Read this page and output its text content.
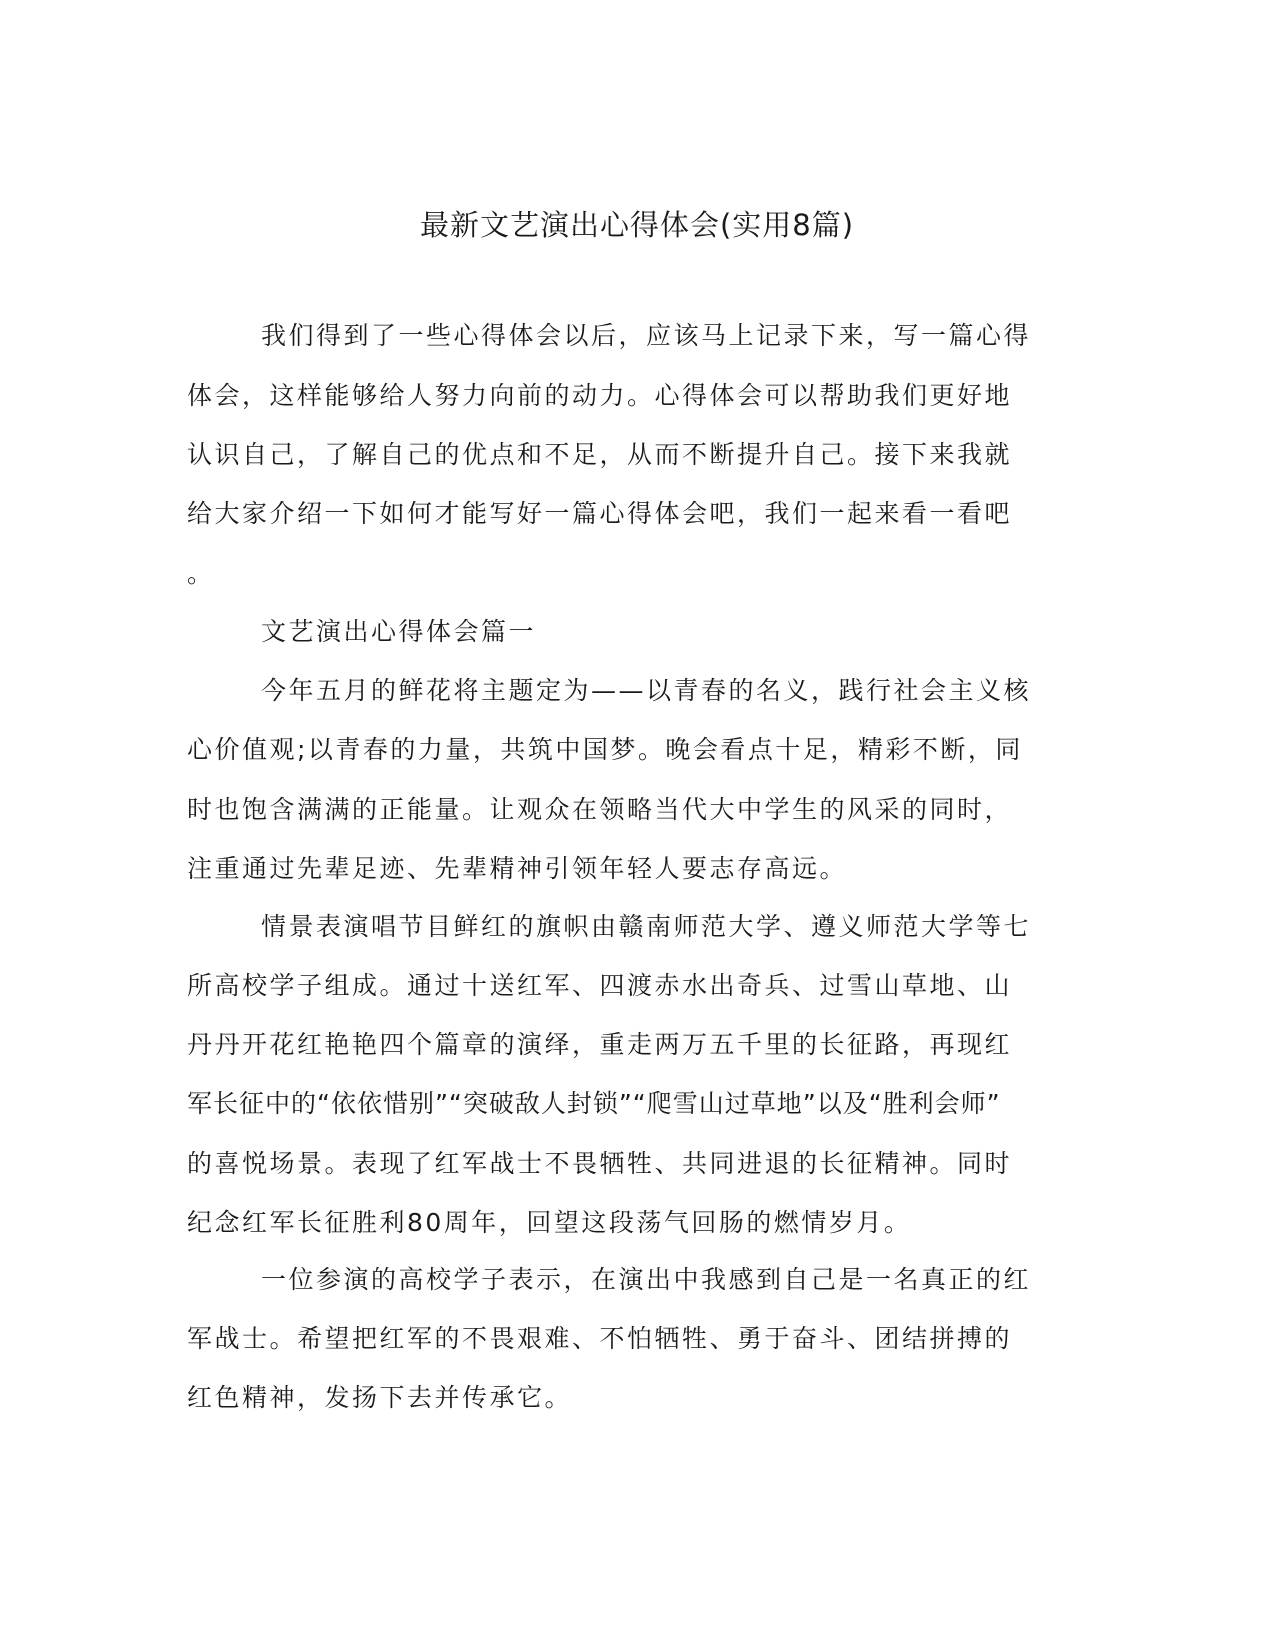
最新文艺演出心得体会(实用8篇)
我们得到了一些心得体会以后，应该马上记录下来，写一篇心得
体会，这样能够给人努力向前的动力。心得体会可以帮助我们更好地
认识自己，了解自己的优点和不足，从而不断提升自己。接下来我就
给大家介绍一下如何才能写好一篇心得体会吧，我们一起来看一看吧
。
文艺演出心得体会篇一
今年五月的鲜花将主题定为——以青春的名义，践行社会主义核
心价值观;以青春的力量，共筑中国梦。晚会看点十足，精彩不断，同
时也饱含满满的正能量。让观众在领略当代大中学生的风采的同时，
注重通过先辈足迹、先辈精神引领年轻人要志存高远。
情景表演唱节目鲜红的旗帜由赣南师范大学、遵义师范大学等七
所高校学子组成。通过十送红军、四渡赤水出奇兵、过雪山草地、山
丹丹开花红艳艳四个篇章的演绎，重走两万五千里的长征路，再现红
军长征中的“依依惜别”“突破敌人封锁”“爬雪山过草地”以及“胜利会师”
的喜悦场景。表现了红军战士不畏牺牲、共同进退的长征精神。同时
纪念红军长征胜利80周年，回望这段荡气回肠的燃情岁月。
一位参演的高校学子表示，在演出中我感到自己是一名真正的红
军战士。希望把红军的不畏艰难、不怕牺牲、勇于奋斗、团结拼搏的
红色精神，发扬下去并传承它。
